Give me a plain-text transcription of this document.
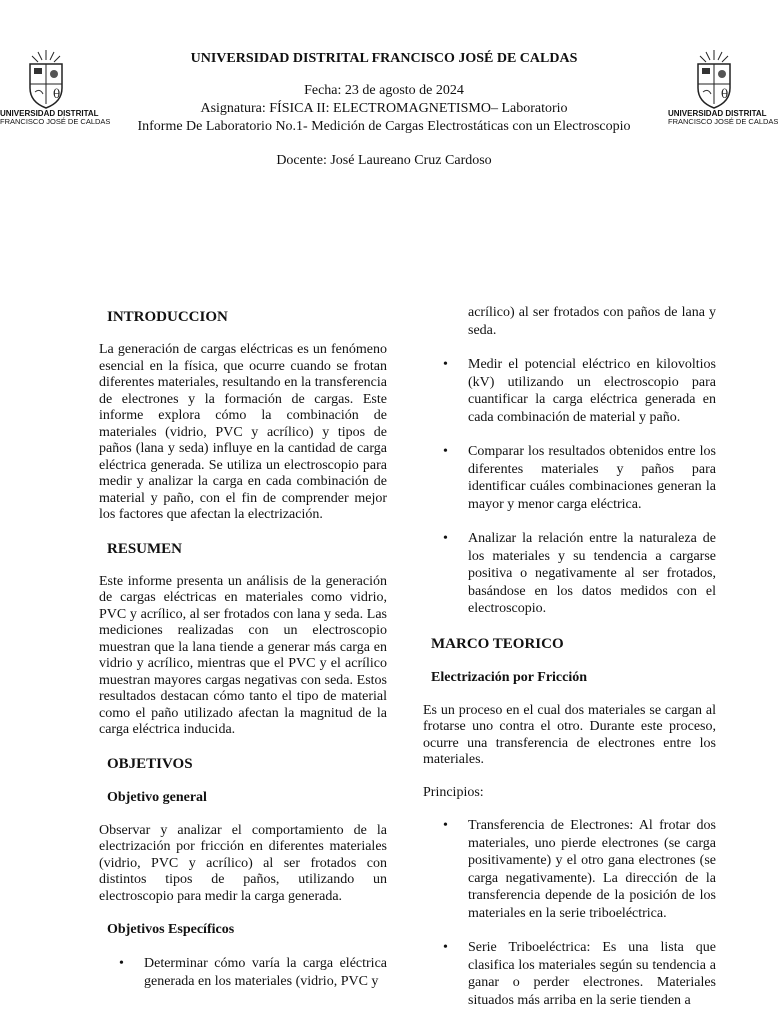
θ
UNIVERSIDAD DISTRITAL
FRANCISCO JOSÉ DE CALDAS
θ
UNIVERSIDAD DISTRITAL
FRANCISCO JOSÉ DE CALDAS

UNIVERSIDAD DISTRITAL FRANCISCO JOSÉ DE CALDAS

Fecha: 23 de agosto de 2024

Asignatura: FÍSICA II: ELECTROMAGNETISMO– Laboratorio

Informe De Laboratorio No.1- Medición de Cargas Electrostáticas con un Electroscopio

Docente: José Laureano Cruz Cardoso

INTRODUCCION

La generación de cargas eléctricas es un fenómeno esencial en la física, que ocurre cuando se frotan diferentes materiales, resultando en la transferencia de electrones y la formación de cargas. Este informe explora cómo la combinación de materiales (vidrio, PVC y acrílico) y tipos de paños (lana y seda) influye en la cantidad de carga eléctrica generada. Se utiliza un electroscopio para medir y analizar la carga en cada combinación de material y paño, con el fin de comprender mejor los factores que afectan la electrización.

RESUMEN

Este informe presenta un análisis de la generación de cargas eléctricas en materiales como vidrio, PVC y acrílico, al ser frotados con lana y seda. Las mediciones realizadas con un electroscopio muestran que la lana tiende a generar más carga en vidrio y acrílico, mientras que el PVC y el acrílico muestran mayores cargas negativas con seda. Estos resultados destacan cómo tanto el tipo de material como el paño utilizado afectan la magnitud de la carga eléctrica inducida.

OBJETIVOS
Objetivo general

Observar y analizar el comportamiento de la electrización por fricción en diferentes materiales (vidrio, PVC y acrílico) al ser frotados con distintos tipos de paños, utilizando un electroscopio para medir la carga generada.

Objetivos Específicos
• Determinar cómo varía la carga eléctrica generada en los materiales (vidrio, PVC y
acrílico) al ser frotados con paños de lana y seda.
• Medir el potencial eléctrico en kilovoltios (kV) utilizando un electroscopio para cuantificar la carga eléctrica generada en cada combinación de material y paño.
• Comparar los resultados obtenidos entre los diferentes materiales y paños para identificar cuáles combinaciones generan la mayor y menor carga eléctrica.
• Analizar la relación entre la naturaleza de los materiales y su tendencia a cargarse positiva o negativamente al ser frotados, basándose en los datos medidos con el electroscopio.
MARCO TEORICO
Electrización por Fricción

Es un proceso en el cual dos materiales se cargan al frotarse uno contra el otro. Durante este proceso, ocurre una transferencia de electrones entre los materiales.

Principios:

• Transferencia de Electrones: Al frotar dos materiales, uno pierde electrones (se carga positivamente) y el otro gana electrones (se carga negativamente). La dirección de la transferencia depende de la posición de los materiales en la serie triboeléctrica.
• Serie Triboeléctrica: Es una lista que clasifica los materiales según su tendencia a ganar o perder electrones. Materiales situados más arriba en la serie tienden a
